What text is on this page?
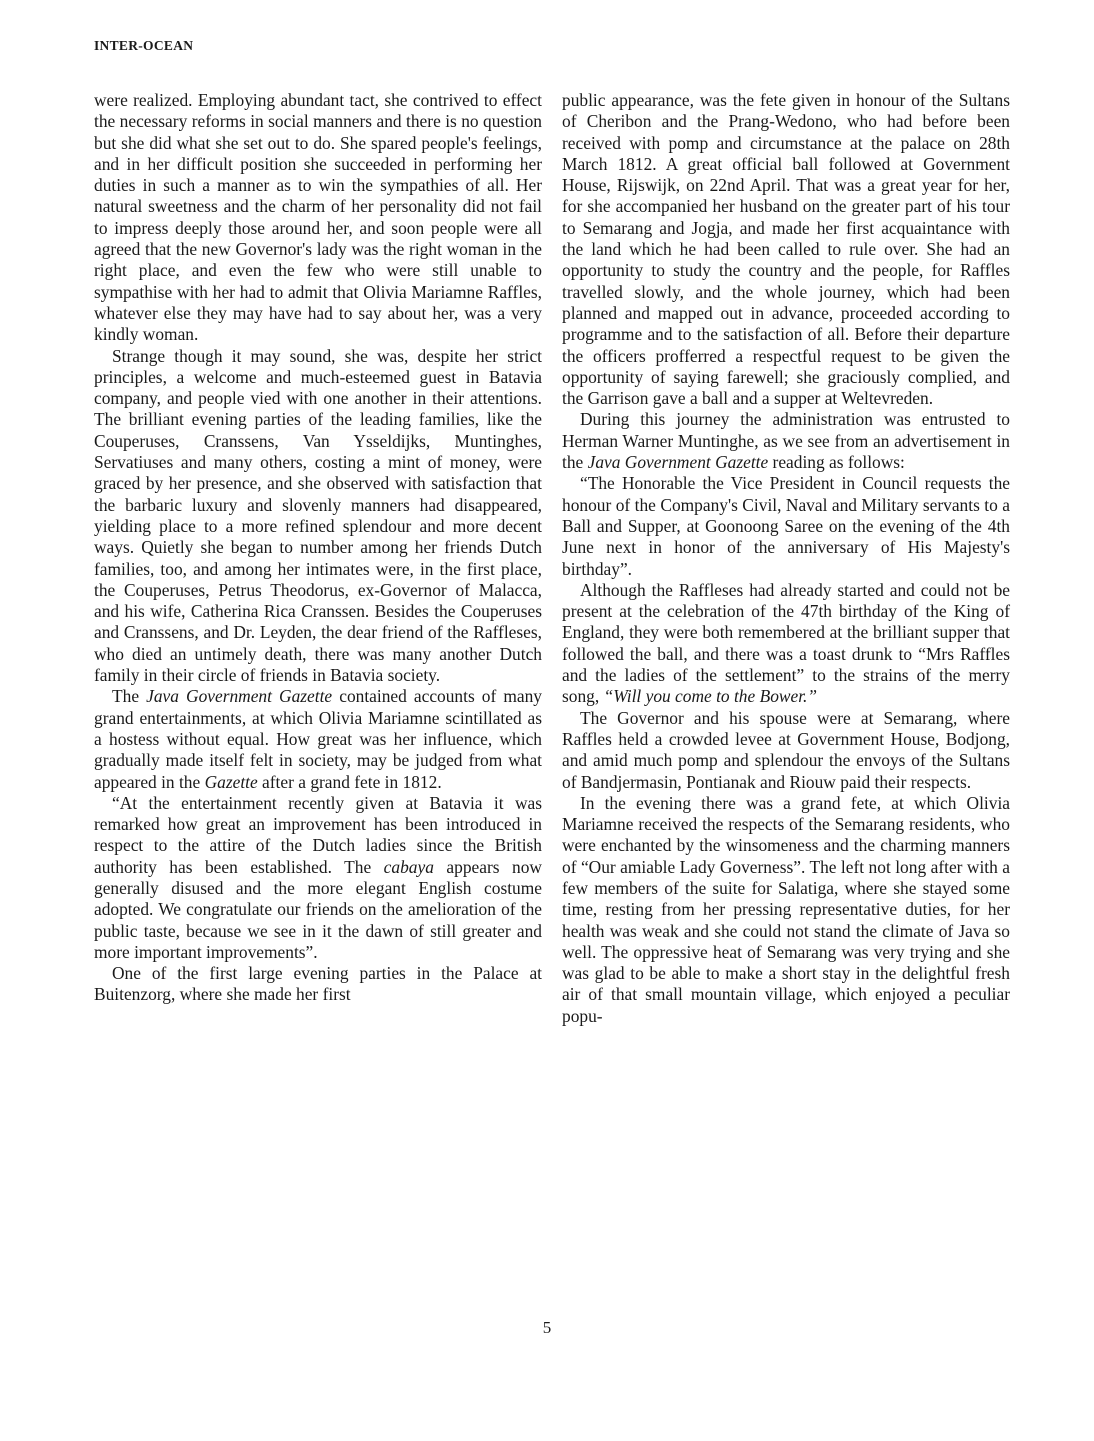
INTER-OCEAN

were realized. Employing abundant tact, she contrived to effect the necessary reforms in social manners and there is no question but she did what she set out to do. She spared people's feelings, and in her difficult position she succeeded in performing her duties in such a manner as to win the sympathies of all. Her natural sweetness and the charm of her personality did not fail to impress deeply those around her, and soon people were all agreed that the new Governor's lady was the right woman in the right place, and even the few who were still unable to sympathise with her had to admit that Olivia Mariamne Raffles, whatever else they may have had to say about her, was a very kindly woman.

Strange though it may sound, she was, despite her strict principles, a welcome and much-esteemed guest in Batavia company, and people vied with one another in their attentions. The brilliant evening parties of the leading families, like the Couperuses, Cranssens, Van Ysseldijks, Muntinghes, Servatiuses and many others, costing a mint of money, were graced by her presence, and she observed with satisfaction that the barbaric luxury and slovenly manners had disappeared, yielding place to a more refined splendour and more decent ways. Quietly she began to number among her friends Dutch families, too, and among her intimates were, in the first place, the Couperuses, Petrus Theodorus, ex-Governor of Malacca, and his wife, Catherina Rica Cranssen. Besides the Couperuses and Cranssens, and Dr. Leyden, the dear friend of the Raffleses, who died an untimely death, there was many another Dutch family in their circle of friends in Batavia society.

The Java Government Gazette contained accounts of many grand entertainments, at which Olivia Mariamne scintillated as a hostess without equal. How great was her influence, which gradually made itself felt in society, may be judged from what appeared in the Gazette after a grand fete in 1812.

“At the entertainment recently given at Batavia it was remarked how great an improvement has been introduced in respect to the attire of the Dutch ladies since the British authority has been established. The cabaya appears now generally disused and the more elegant English costume adopted. We congratulate our friends on the amelioration of the public taste, because we see in it the dawn of still greater and more important improvements”.

One of the first large evening parties in the Palace at Buitenzorg, where she made her first

public appearance, was the fete given in honour of the Sultans of Cheribon and the Prang-Wedono, who had before been received with pomp and circumstance at the palace on 28th March 1812. A great official ball followed at Government House, Rijswijk, on 22nd April. That was a great year for her, for she accompanied her husband on the greater part of his tour to Semarang and Jogja, and made her first acquaintance with the land which he had been called to rule over. She had an opportunity to study the country and the people, for Raffles travelled slowly, and the whole journey, which had been planned and mapped out in advance, proceeded according to programme and to the satisfaction of all. Before their departure the officers profferred a respectful request to be given the opportunity of saying farewell; she graciously complied, and the Garrison gave a ball and a supper at Weltevreden.

During this journey the administration was entrusted to Herman Warner Muntinghe, as we see from an advertisement in the Java Government Gazette reading as follows:

“The Honorable the Vice President in Council requests the honour of the Company's Civil, Naval and Military servants to a Ball and Supper, at Goonoong Saree on the evening of the 4th June next in honor of the anniversary of His Majesty's birthday”.

Although the Raffleses had already started and could not be present at the celebration of the 47th birthday of the King of England, they were both remembered at the brilliant supper that followed the ball, and there was a toast drunk to “Mrs Raffles and the ladies of the settlement” to the strains of the merry song, “Will you come to the Bower.”

The Governor and his spouse were at Semarang, where Raffles held a crowded levee at Government House, Bodjong, and amid much pomp and splendour the envoys of the Sultans of Bandjermasin, Pontianak and Riouw paid their respects.

In the evening there was a grand fete, at which Olivia Mariamne received the respects of the Semarang residents, who were enchanted by the winsomeness and the charming manners of “Our amiable Lady Governess”. The left not long after with a few members of the suite for Salatiga, where she stayed some time, resting from her pressing representative duties, for her health was weak and she could not stand the climate of Java so well. The oppressive heat of Semarang was very trying and she was glad to be able to make a short stay in the delightful fresh air of that small mountain village, which enjoyed a peculiar popu-

5
